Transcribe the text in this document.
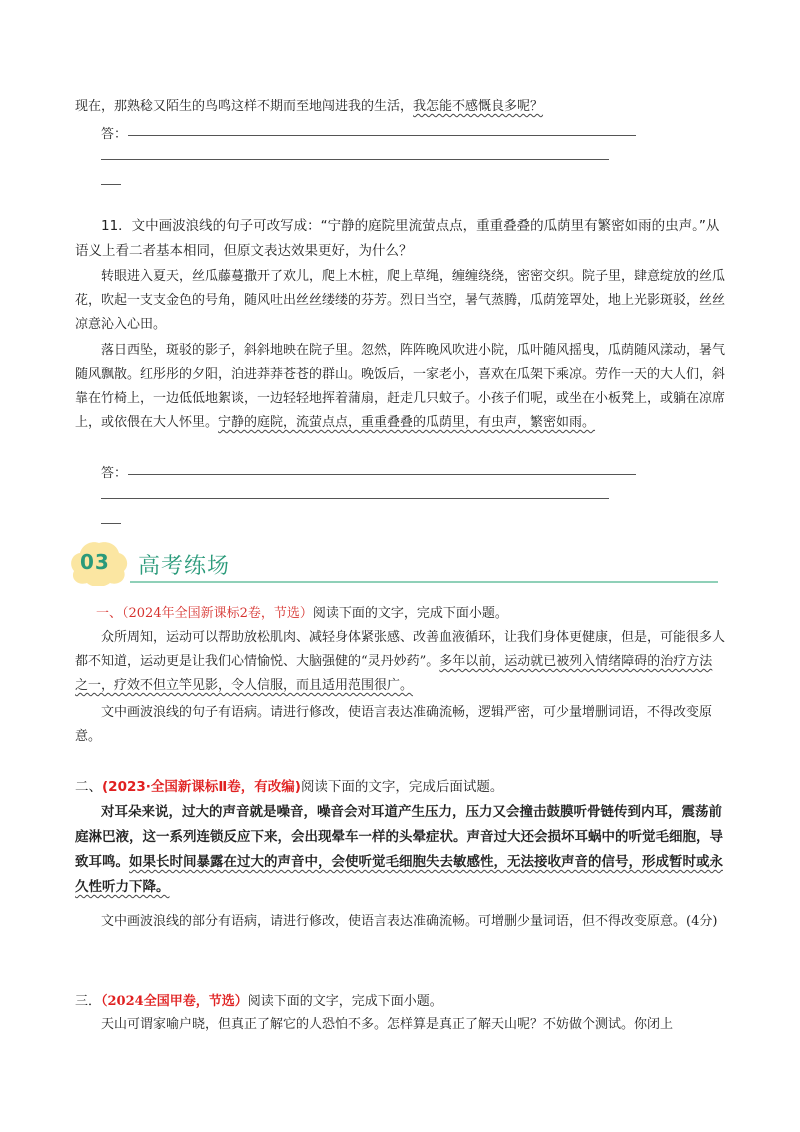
现在，那熟稔又陌生的鸟鸣这样不期而至地闯进我的生活，我怎能不感慨良多呢？

答：

11．文中画波浪线的句子可改写成：“宁静的庭院里流萤点点，重重叠叠的瓜荫里有繁密如雨的虫声。”从语义上看二者基本相同，但原文表达效果更好，为什么？

转眼进入夏天，丝瓜藤蔓撒开了欢儿，爬上木桩，爬上草绳，缠缠绕绕，密密交织。院子里，肆意绽放的丝瓜花，吹起一支支金色的号角，随风吐出丝丝缕缕的芬芳。烈日当空，暑气蒸腾，瓜荫笼罩处，地上光影斑驳，丝丝凉意沁入心田。

落日西坠，斑驳的影子，斜斜地映在院子里。忽然，阵阵晚风吹进小院，瓜叶随风摇曳，瓜荫随风漾动，暑气随风飘散。红彤彤的夕阳，泊进莽莽苍苍的群山。晚饭后，一家老小，喜欢在瓜架下乘凉。劳作一天的大人们，斜靠在竹椅上，一边低低地絮谈，一边轻轻地挥着蒲扇，赶走几只蚊子。小孩子们呢，或坐在小板凳上，或躺在凉席上，或依偎在大人怀里。宁静的庭院，流萤点点，重重叠叠的瓜荫里，有虫声，繁密如雨。

答：
03 高考练场

一、（2024年全国新课标2卷，节选）阅读下面的文字，完成下面小题。

众所周知，运动可以帮助放松肌肉、减轻身体紧张感、改善血液循环，让我们身体更健康，但是，可能很多人都不知道，运动更是让我们心情愉悦、大脑强健的“灵丹妙药”。多年以前，运动就已被列入情绪障碍的治疗方法之一，疗效不但立竿见影，令人信服，而且适用范围很广。

文中画波浪线的句子有语病。请进行修改，使语言表达准确流畅，逻辑严密，可少量增删词语，不得改变原意。

二、(2023·全国新课标Ⅱ卷，有改编)阅读下面的文字，完成后面试题。

对耳朵来说，过大的声音就是噪音，噪音会对耳道产生压力，压力又会撞击鼓膜听骨链传到内耳，震荡前庭淋巴液，这一系列连锁反应下来，会出现晕车一样的头晕症状。声音过大还会损坏耳蜗中的听觉毛细胞，导致耳鸣。如果长时间暴露在过大的声音中，会使听觉毛细胞失去敏感性，无法接收声音的信号，形成暂时或永久性听力下降。

文中画波浪线的部分有语病，请进行修改，使语言表达准确流畅。可增删少量词语，但不得改变原意。(4分)

三．（2024全国甲卷，节选）阅读下面的文字，完成下面小题。

天山可谓家喻户晓，但真正了解它的人恐怕不多。怎样算是真正了解天山呢？不妨做个测试。你闭上
